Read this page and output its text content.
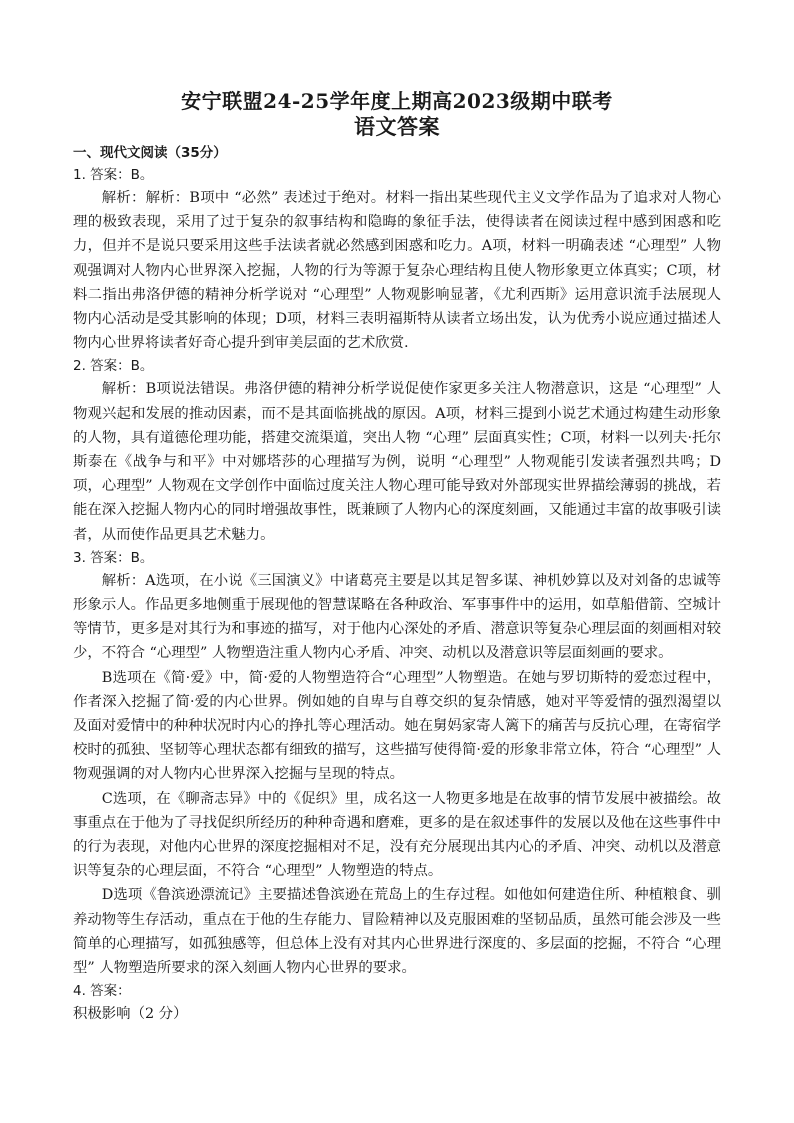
安宁联盟24-25学年度上期高2023级期中联考
语文答案

一、现代文阅读（35分）

1. 答案：B。

解析：解析：B项中 “必然” 表述过于绝对。材料一指出某些现代主义文学作品为了追求对人物心理的极致表现，采用了过于复杂的叙事结构和隐晦的象征手法，使得读者在阅读过程中感到困惑和吃力，但并不是说只要采用这些手法读者就必然感到困惑和吃力。A项，材料一明确表述 “心理型” 人物观强调对人物内心世界深入挖掘，人物的行为等源于复杂心理结构且使人物形象更立体真实；C项，材料二指出弗洛伊德的精神分析学说对 “心理型” 人物观影响显著，《尤利西斯》运用意识流手法展现人物内心活动是受其影响的体现；D项，材料三表明福斯特从读者立场出发，认为优秀小说应通过描述人物内心世界将读者好奇心提升到审美层面的艺术欣赏.

2. 答案：B。

解析：B项说法错误。弗洛伊德的精神分析学说促使作家更多关注人物潜意识，这是 “心理型” 人物观兴起和发展的推动因素，而不是其面临挑战的原因。A项，材料三提到小说艺术通过构建生动形象的人物，具有道德伦理功能，搭建交流渠道，突出人物 “心理” 层面真实性；C项，材料一以列夫·托尔斯泰在《战争与和平》中对娜塔莎的心理描写为例，说明 “心理型” 人物观能引发读者强烈共鸣；D项，心理型” 人物观在文学创作中面临过度关注人物心理可能导致对外部现实世界描绘薄弱的挑战，若能在深入挖掘人物内心的同时增强故事性，既兼顾了人物内心的深度刻画，又能通过丰富的故事吸引读者，从而使作品更具艺术魅力。

3. 答案：B。

解析：A选项，在小说《三国演义》中诸葛亮主要是以其足智多谋、神机妙算以及对刘备的忠诚等形象示人。作品更多地侧重于展现他的智慧谋略在各种政治、军事事件中的运用，如草船借箭、空城计等情节，更多是对其行为和事迹的描写，对于他内心深处的矛盾、潜意识等复杂心理层面的刻画相对较少，不符合 “心理型” 人物塑造注重人物内心矛盾、冲突、动机以及潜意识等层面刻画的要求。

B选项在《简·爱》中，简·爱的人物塑造符合“心理型”人物塑造。在她与罗切斯特的爱恋过程中，作者深入挖掘了简·爱的内心世界。例如她的自卑与自尊交织的复杂情感，她对平等爱情的强烈渴望以及面对爱情中的种种状况时内心的挣扎等心理活动。她在舅妈家寄人篱下的痛苦与反抗心理，在寄宿学校时的孤独、坚韧等心理状态都有细致的描写，这些描写使得简·爱的形象非常立体，符合 “心理型” 人物观强调的对人物内心世界深入挖掘与呈现的特点。

C选项，在《聊斋志异》中的《促织》里，成名这一人物更多地是在故事的情节发展中被描绘。故事重点在于他为了寻找促织所经历的种种奇遇和磨难，更多的是在叙述事件的发展以及他在这些事件中的行为表现，对他内心世界的深度挖掘相对不足，没有充分展现出其内心的矛盾、冲突、动机以及潜意识等复杂的心理层面，不符合 “心理型” 人物塑造的特点。

D选项《鲁滨逊漂流记》主要描述鲁滨逊在荒岛上的生存过程。如他如何建造住所、种植粮食、驯养动物等生存活动，重点在于他的生存能力、冒险精神以及克服困难的坚韧品质，虽然可能会涉及一些简单的心理描写，如孤独感等，但总体上没有对其内心世界进行深度的、多层面的挖掘，不符合 “心理型” 人物塑造所要求的深入刻画人物内心世界的要求。

4. 答案：

积极影响（2 分）
